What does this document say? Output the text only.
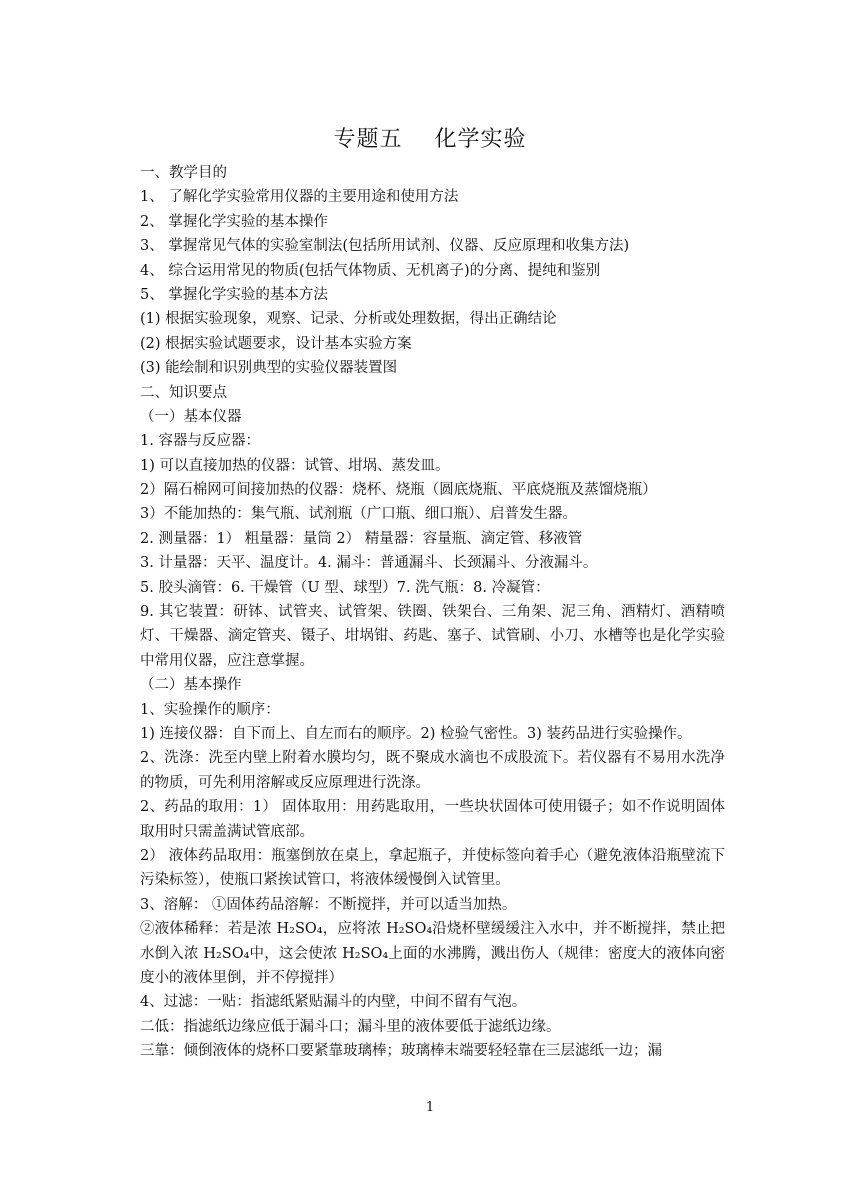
专题五    化学实验
一、教学目的
1、 了解化学实验常用仪器的主要用途和使用方法
2、 掌握化学实验的基本操作
3、 掌握常见气体的实验室制法(包括所用试剂、仪器、反应原理和收集方法)
4、 综合运用常见的物质(包括气体物质、无机离子)的分离、提纯和鉴别
5、 掌握化学实验的基本方法
(1) 根据实验现象，观察、记录、分析或处理数据，得出正确结论
(2) 根据实验试题要求，设计基本实验方案
(3) 能绘制和识别典型的实验仪器装置图
二、知识要点
（一）基本仪器
1. 容器与反应器：
1) 可以直接加热的仪器：试管、坩埚、蒸发皿。
2）隔石棉网可间接加热的仪器：烧杯、烧瓶（圆底烧瓶、平底烧瓶及蒸馏烧瓶）
3）不能加热的：集气瓶、试剂瓶（广口瓶、细口瓶）、启普发生器。
2. 测量器：1） 粗量器：量筒 2） 精量器：容量瓶、滴定管、移液管
3. 计量器：天平、温度计。4. 漏斗：普通漏斗、长颈漏斗、分液漏斗。
5. 胶头滴管：6. 干燥管（U 型、球型）7. 洗气瓶：8. 冷凝管：
9. 其它装置：研钵、试管夹、试管架、铁圈、铁架台、三角架、泥三角、酒精灯、酒精喷灯、干燥器、滴定管夹、镊子、坩埚钳、药匙、塞子、试管刷、小刀、水槽等也是化学实验中常用仪器，应注意掌握。
（二）基本操作
1、实验操作的顺序：
1) 连接仪器：自下而上、自左而右的顺序。2) 检验气密性。3) 装药品进行实验操作。
2、洗涤：洗至内壁上附着水膜均匀，既不聚成水滴也不成股流下。若仪器有不易用水洗净的物质，可先利用溶解或反应原理进行洗涤。
2、药品的取用：1） 固体取用：用药匙取用，一些块状固体可使用镊子；如不作说明固体取用时只需盖满试管底部。
2） 液体药品取用：瓶塞倒放在桌上，拿起瓶子，并使标签向着手心（避免液体沿瓶壁流下污染标签），使瓶口紧挨试管口，将液体缓慢倒入试管里。
3、溶解： ①固体药品溶解：不断搅拌，并可以适当加热。
②液体稀释：若是浓 H₂SO₄，应将浓 H₂SO₄沿烧杯壁缓缓注入水中，并不断搅拌，禁止把水倒入浓 H₂SO₄中，这会使浓 H₂SO₄上面的水沸腾，溅出伤人（规律：密度大的液体向密度小的液体里倒，并不停搅拌）
4、过滤：一贴：指滤纸紧贴漏斗的内壁，中间不留有气泡。
二低：指滤纸边缘应低于漏斗口；漏斗里的液体要低于滤纸边缘。
三靠：倾倒液体的烧杯口要紧靠玻璃棒；玻璃棒末端要轻轻靠在三层滤纸一边；漏
1
